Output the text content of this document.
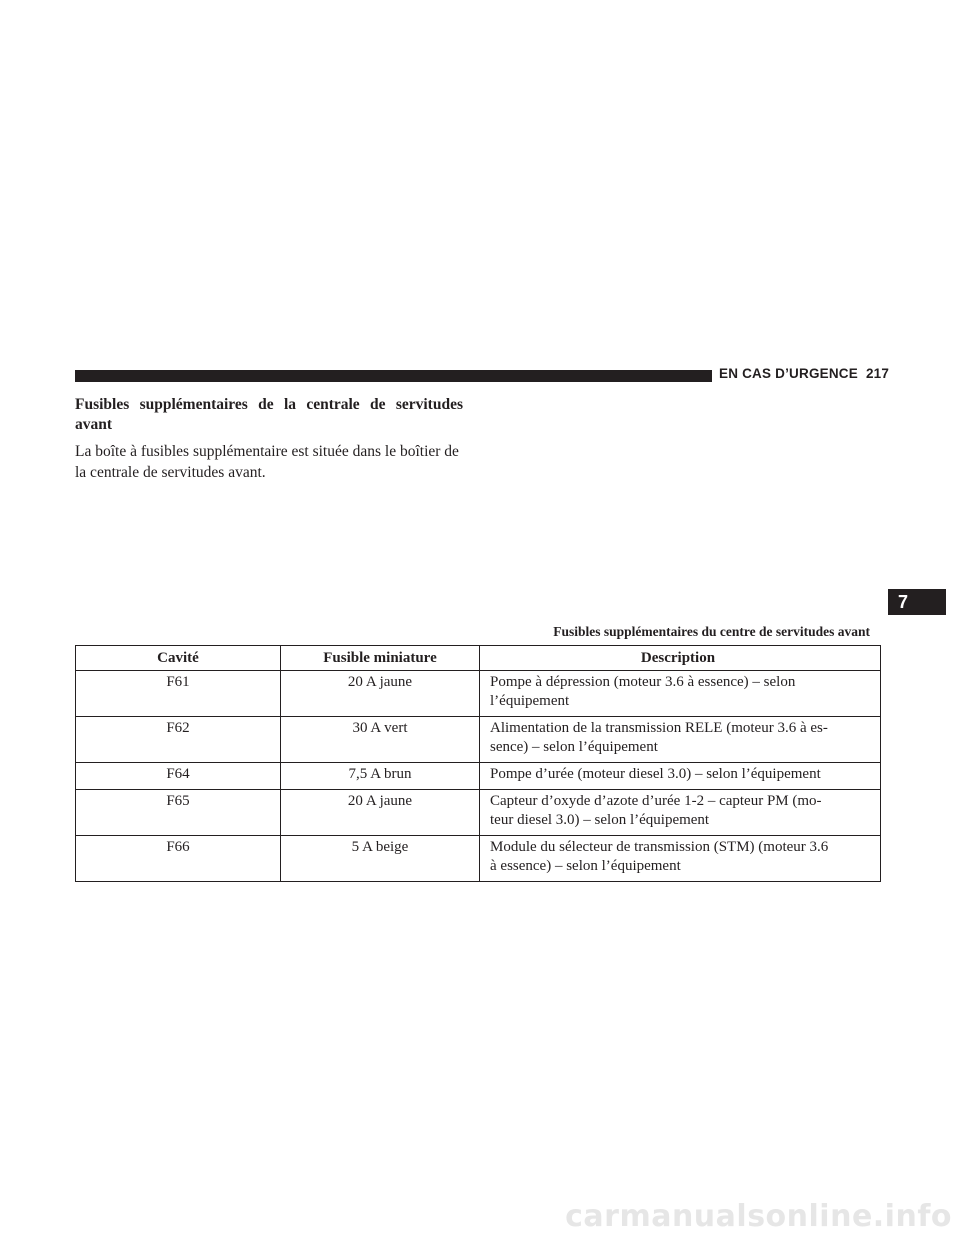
EN CAS D’URGENCE 217
Fusibles supplémentaires de la centrale de servitudes avant
La boîte à fusibles supplémentaire est située dans le boîtier de la centrale de servitudes avant.
7
Fusibles supplémentaires du centre de servitudes avant
Cavité	Fusible miniature	Description
F61	20 A jaune	Pompe à dépression (moteur 3.6 à essence) – selon
l’équipement

F62	30 A vert	Alimentation de la transmission RELE (moteur 3.6 à es-
sence) – selon l’équipement

F64	7,5 A brun	Pompe d’urée (moteur diesel 3.0) – selon l’équipement

F65	20 A jaune	Capteur d’oxyde d’azote d’urée 1-2 – capteur PM (mo-
teur diesel 3.0) – selon l’équipement

F66	5 A beige	Module du sélecteur de transmission (STM) (moteur 3.6
à essence) – selon l’équipement
carmanualsonline.info
